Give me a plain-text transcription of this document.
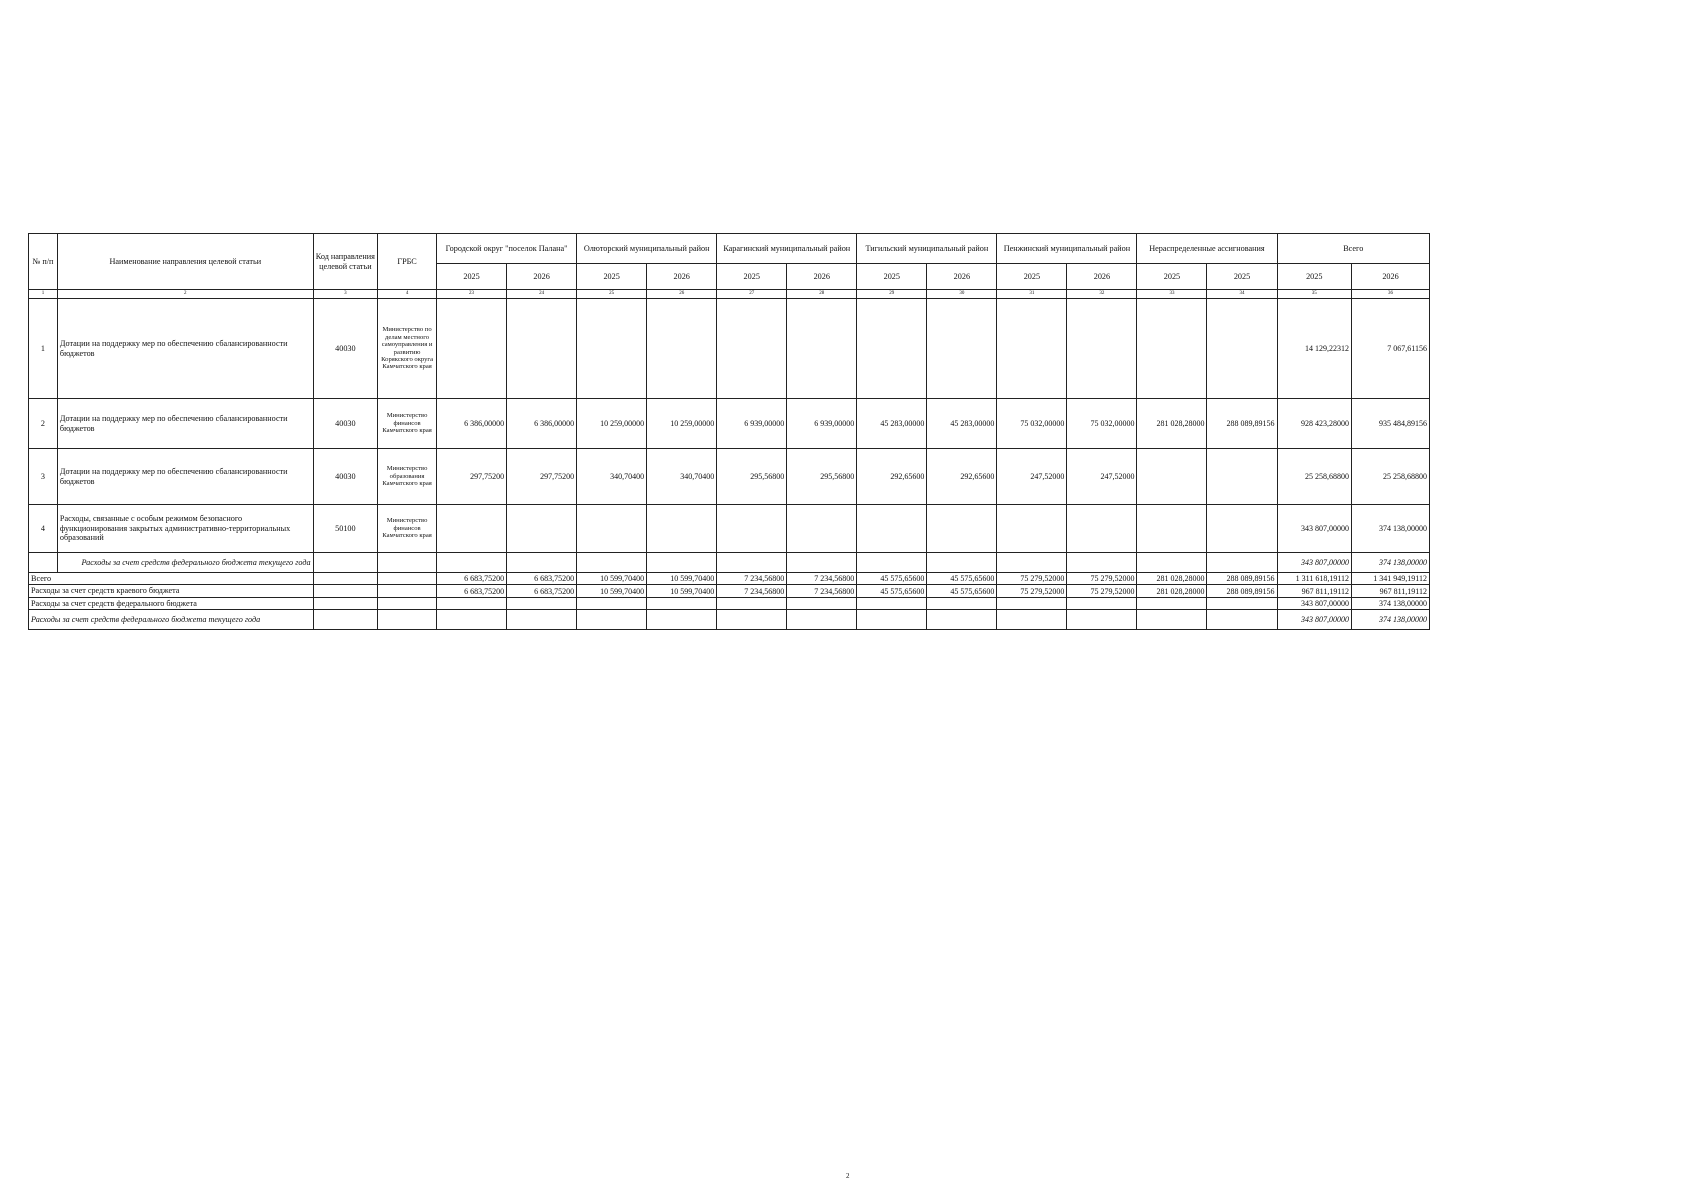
№ п/п	Наименование направления целевой статьи	Код направления целевой статьи	ГРБС	Городской округ "поселок Палана"		Олюторский муниципальный район		Карагинский муниципальный район		Тигильский муниципальный район		Пенжинский муниципальный район		Нераспределенные ассигнования		Всего	
				2025	2026	2025	2026	2025	2026	2025	2026	2025	2026	2025	2025	2025	2026
1	2	3	4	23	24	25	26	27	28	29	30	31	32	33	34	35	36
1	Дотации на поддержку мер по обеспечению сбалансированности бюджетов	40030	Министерство по делам местного самоуправления и развитию Корякского округа Камчатского края													14 129,22312	7 067,61156
2	Дотации на поддержку мер по обеспечению сбалансированности бюджетов	40030	Министерство финансов Камчатского края	6 386,00000	6 386,00000	10 259,00000	10 259,00000	6 939,00000	6 939,00000	45 283,00000	45 283,00000	75 032,00000	75 032,00000	281 028,28000	288 089,89156	928 423,28000	935 484,89156
3	Дотации на поддержку мер по обеспечению сбалансированности бюджетов	40030	Министерство образования Камчатского края	297,75200	297,75200	340,70400	340,70400	295,56800	295,56800	292,65600	292,65600	247,52000	247,52000			25 258,68800	25 258,68800
4	Расходы, связанные с особым режимом безопасного функционирования закрытых административно-территориальных образований	50100	Министерство финансов Камчатского края													343 807,00000	374 138,00000
	Расходы за счет средств федерального бюджетa текущего года															343 807,00000	374 138,00000
Всего				6 683,75200	6 683,75200	10 599,70400	10 599,70400	7 234,56800	7 234,56800	45 575,65600	45 575,65600	75 279,52000	75 279,52000	281 028,28000	288 089,89156	1 311 618,19112	1 341 949,19112
Расходы за счет средств краевого бюджета				6 683,75200	6 683,75200	10 599,70400	10 599,70400	7 234,56800	7 234,56800	45 575,65600	45 575,65600	75 279,52000	75 279,52000	281 028,28000	288 089,89156	967 811,19112	967 811,19112
Расходы за счет средств федерального бюджета																343 807,00000	374 138,00000
Расходы за счет средств федерального бюджета текущего года																343 807,00000	374 138,00000
2
